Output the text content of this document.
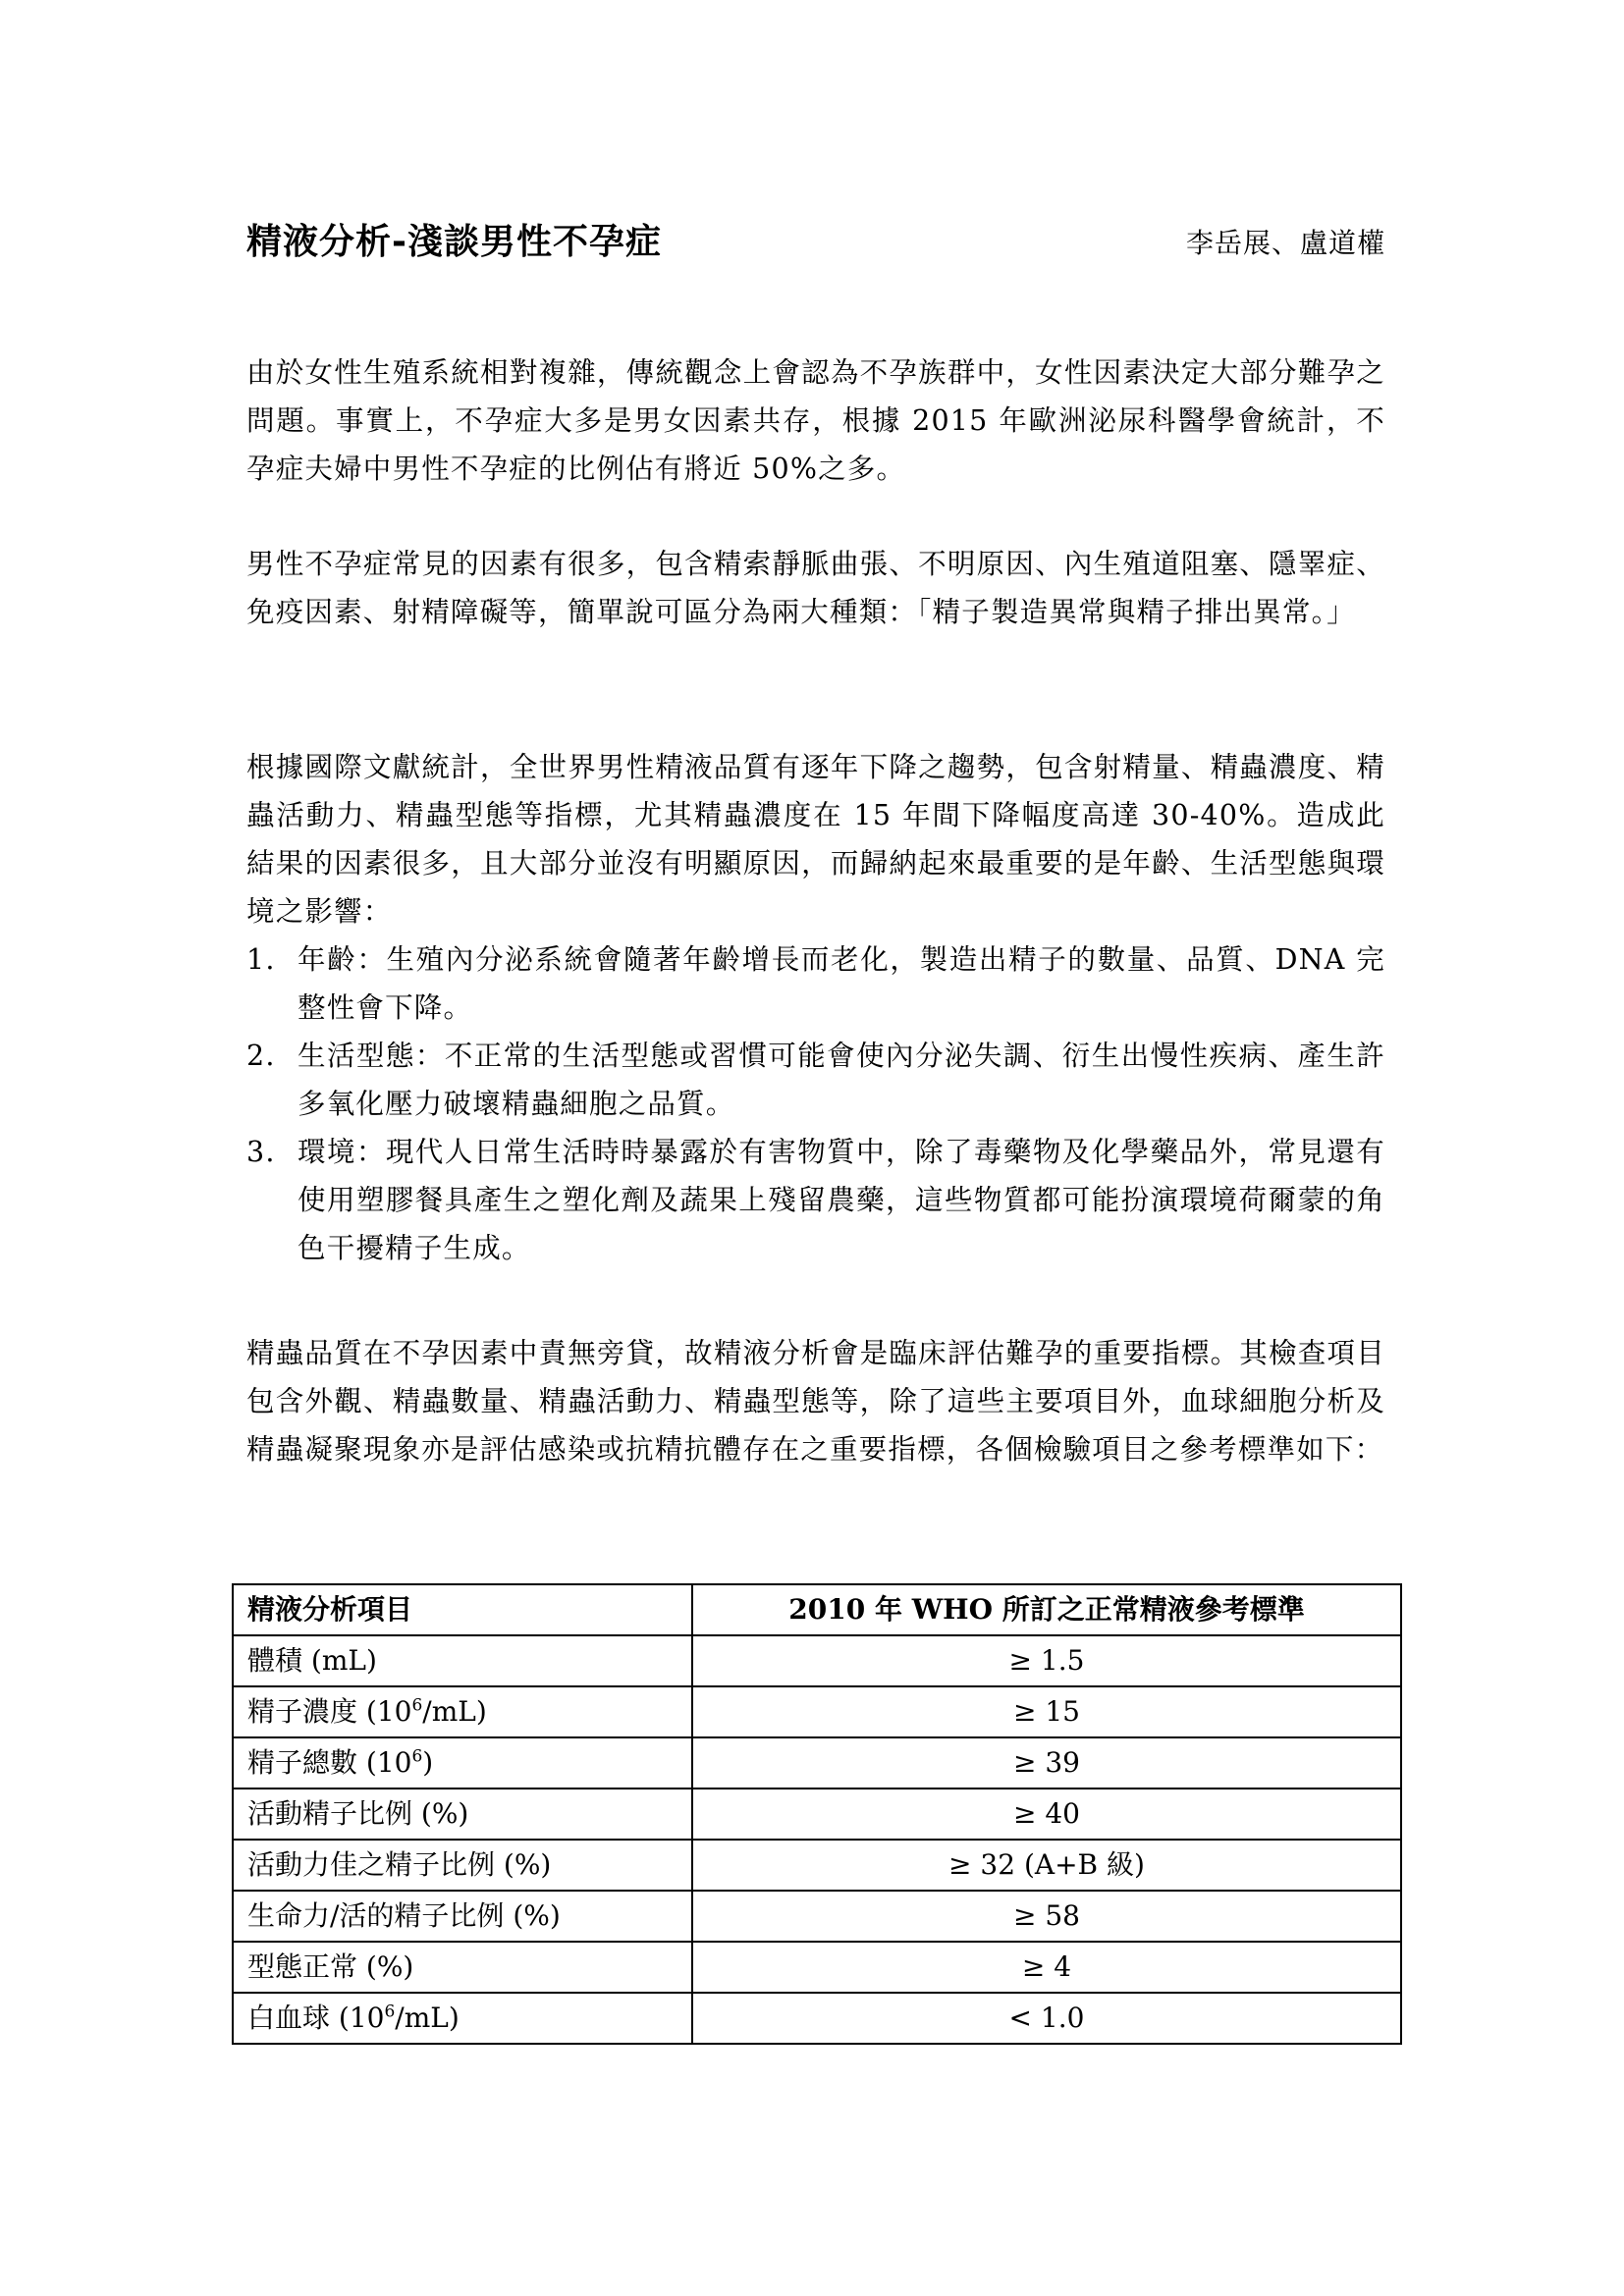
精液分析-淺談男性不孕症	李岳展、盧道權

由於女性生殖系統相對複雜，傳統觀念上會認為不孕族群中，女性因素決定大部分難孕之問題。事實上，不孕症大多是男女因素共存，根據 2015 年歐洲泌尿科醫學會統計，不孕症夫婦中男性不孕症的比例佔有將近 50%之多。

男性不孕症常見的因素有很多，包含精索靜脈曲張、不明原因、內生殖道阻塞、隱睪症、免疫因素、射精障礙等，簡單說可區分為兩大種類：「精子製造異常與精子排出異常。」

根據國際文獻統計，全世界男性精液品質有逐年下降之趨勢，包含射精量、精蟲濃度、精蟲活動力、精蟲型態等指標，尤其精蟲濃度在 15 年間下降幅度高達 30-40%。造成此結果的因素很多，且大部分並沒有明顯原因，而歸納起來最重要的是年齡、生活型態與環境之影響：

1. 年齡：生殖內分泌系統會隨著年齡增長而老化，製造出精子的數量、品質、DNA 完整性會下降。
2. 生活型態：不正常的生活型態或習慣可能會使內分泌失調、衍生出慢性疾病、產生許多氧化壓力破壞精蟲細胞之品質。
3. 環境：現代人日常生活時時暴露於有害物質中，除了毒藥物及化學藥品外，常見還有使用塑膠餐具產生之塑化劑及蔬果上殘留農藥，這些物質都可能扮演環境荷爾蒙的角色干擾精子生成。

精蟲品質在不孕因素中責無旁貸，故精液分析會是臨床評估難孕的重要指標。其檢查項目包含外觀、精蟲數量、精蟲活動力、精蟲型態等，除了這些主要項目外，血球細胞分析及精蟲凝聚現象亦是評估感染或抗精抗體存在之重要指標，各個檢驗項目之參考標準如下：

精液分析項目	2010 年 WHO 所訂之正常精液參考標準
體積 (mL)	≥ 1.5
精子濃度 $(10^6/mL)$	≥ 15
精子總數 $(10^6)$	≥ 39
活動精子比例 (%)	≥ 40
活動力佳之精子比例 (%)	≥ 32 (A+B 級)
生命力/活的精子比例 (%)	≥ 58
型態正常 (%)	≥ 4
白血球 $(10^6/mL)$	< 1.0
